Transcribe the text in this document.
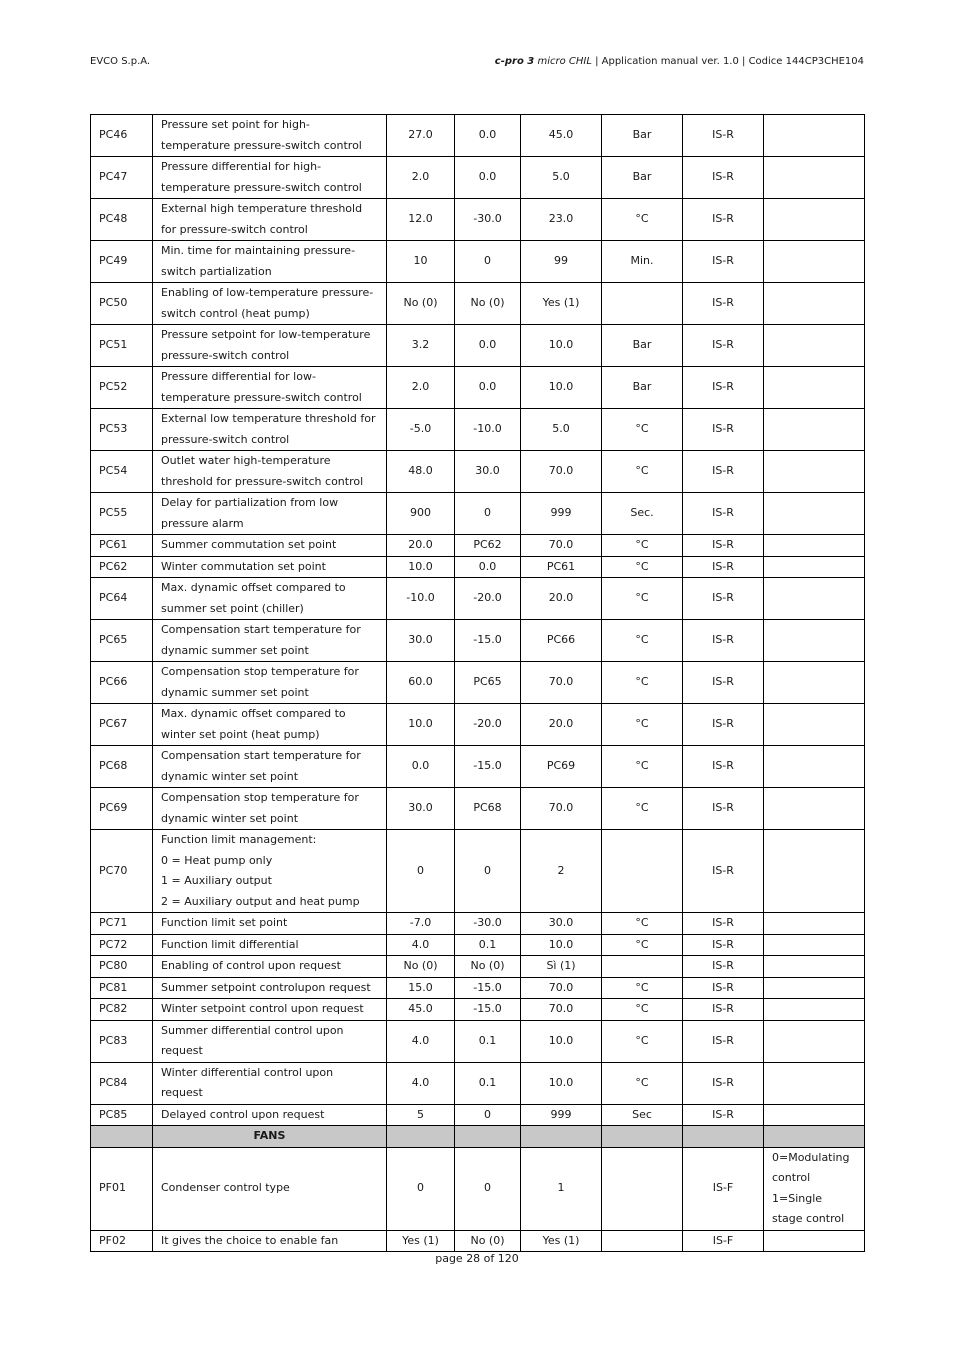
EVCO S.p.A.	c-pro 3 micro CHIL | Application manual ver. 1.0 | Codice 144CP3CHE104
PC46	Pressure set point for high-temperature pressure-switch control	27.0	0.0	45.0	Bar	IS-R	
PC47	Pressure differential for high-temperature pressure-switch control	2.0	0.0	5.0	Bar	IS-R	
PC48	External high temperature threshold for pressure-switch control	12.0	-30.0	23.0	°C	IS-R	
PC49	Min. time for maintaining pressure-switch partialization	10	0	99	Min.	IS-R	
PC50	Enabling of low-temperature pressure-switch control (heat pump)	No (0)	No (0)	Yes (1)		IS-R	
PC51	Pressure setpoint for low-temperature pressure-switch control	3.2	0.0	10.0	Bar	IS-R	
PC52	Pressure differential for low-temperature pressure-switch control	2.0	0.0	10.0	Bar	IS-R	
PC53	External low temperature threshold for pressure-switch control	-5.0	-10.0	5.0	°C	IS-R	
PC54	Outlet water high-temperature threshold for pressure-switch control	48.0	30.0	70.0	°C	IS-R	
PC55	Delay for partialization from low pressure alarm	900	0	999	Sec.	IS-R	
PC61	Summer commutation set point	20.0	PC62	70.0	°C	IS-R	
PC62	Winter commutation set point	10.0	0.0	PC61	°C	IS-R	
PC64	Max. dynamic offset compared to summer set point (chiller)	-10.0	-20.0	20.0	°C	IS-R	
PC65	Compensation start temperature for dynamic summer set point	30.0	-15.0	PC66	°C	IS-R	
PC66	Compensation stop temperature for dynamic summer set point	60.0	PC65	70.0	°C	IS-R	
PC67	Max. dynamic offset compared to winter set point (heat pump)	10.0	-20.0	20.0	°C	IS-R	
PC68	Compensation start temperature for dynamic winter set point	0.0	-15.0	PC69	°C	IS-R	
PC69	Compensation stop temperature for dynamic winter set point	30.0	PC68	70.0	°C	IS-R	
PC70	Function limit management:
0 = Heat pump only
1 = Auxiliary output
2 = Auxiliary output and heat pump	0	0	2		IS-R	
PC71	Function limit set point	-7.0	-30.0	30.0	°C	IS-R	
PC72	Function limit differential	4.0	0.1	10.0	°C	IS-R	
PC80	Enabling of control upon request	No (0)	No (0)	Sì (1)		IS-R	
PC81	Summer setpoint controlupon request	15.0	-15.0	70.0	°C	IS-R	
PC82	Winter setpoint control upon request	45.0	-15.0	70.0	°C	IS-R	
PC83	Summer differential control upon request	4.0	0.1	10.0	°C	IS-R	
PC84	Winter differential control upon request	4.0	0.1	10.0	°C	IS-R	
PC85	Delayed control upon request	5	0	999	Sec	IS-R	
	FANS						
PF01	Condenser control type	0	0	1		IS-F	0=Modulating control 1=Single stage control
PF02	It gives the choice to enable fan	Yes (1)	No (0)	Yes (1)		IS-F	
page 28 of 120
